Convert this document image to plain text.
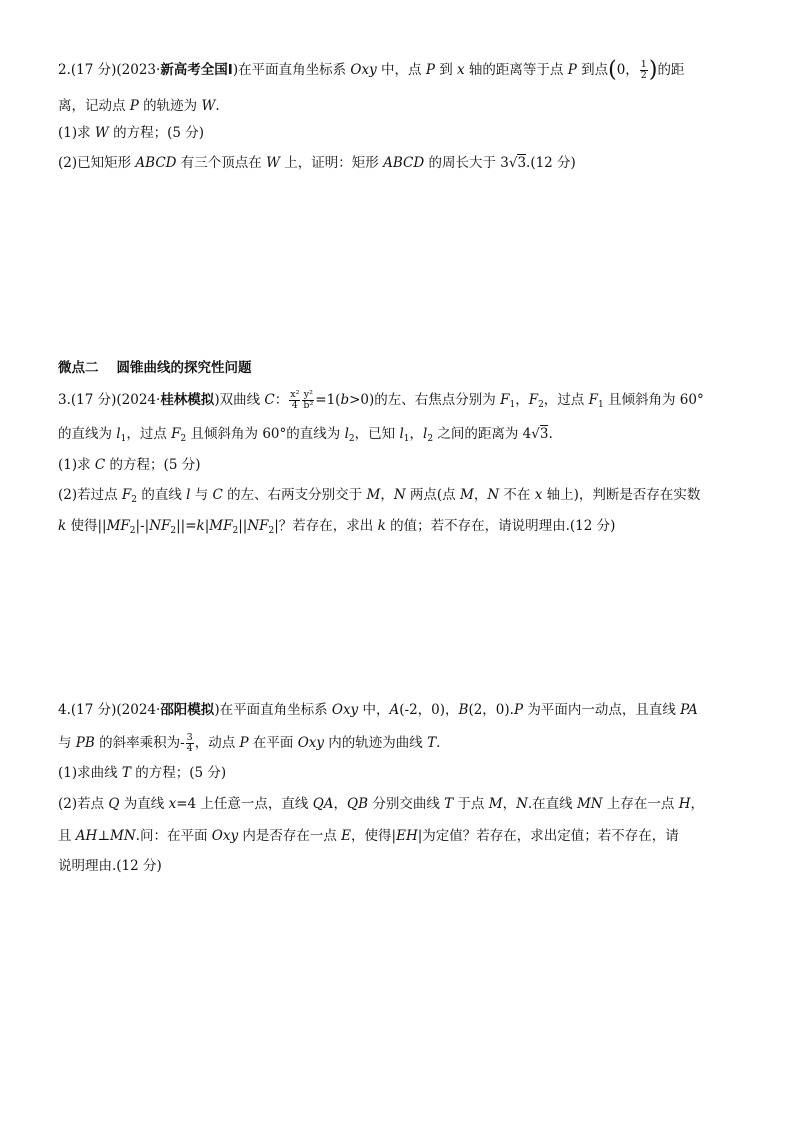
2.(17 分)(2023·新高考全国Ⅰ)在平面直角坐标系 Oxy 中，点 P 到 x 轴的距离等于点 P 到点(0， $\frac{1}{2}$ )的距
离，记动点 P 的轨迹为 W.
(1)求 W 的方程；(5 分)
(2)已知矩形 ABCD 有三个顶点在 W 上，证明：矩形 ABCD 的周长大于 3√3.(12 分)
微点二 圆锥曲线的探究性问题
3.(17 分)(2024·桂林模拟)双曲线 C： $\frac{\text{x²}}{4} \frac{\text{y²}}{\text{b²}} =1(b>0)$的左、右焦点分别为 $F_1$，$F_2$，过点 $F_1$ 且倾斜角为 60°
的直线为 $l_1$，过点 $F_2$ 且倾斜角为 60°的直线为 $l_2$，已知 $l_1$，$l_2$ 之间的距离为 4√3.
(1)求 C 的方程；(5 分)
(2)若过点 $F_2$ 的直线 l 与 C 的左、右两支分别交于 M，N 两点(点 M，N 不在 x 轴上)，判断是否存在实数
k 使得$||MF_2|-|NF_2||=k|MF_2||NF_2|$？若存在，求出 k 的值；若不存在，请说明理由.(12 分)
4.(17 分)(2024·邵阳模拟)在平面直角坐标系 Oxy 中，A(-2，0)，B(2，0).P 为平面内一动点，且直线 PA
与 PB 的斜率乘积为- $\frac{3}{4}$ ，动点 P 在平面 Oxy 内的轨迹为曲线 T.
(1)求曲线 T 的方程；(5 分)
(2)若点 Q 为直线 x=4 上任意一点，直线 QA，QB 分别交曲线 T 于点 M，N.在直线 MN 上存在一点 H，
且 AH⊥MN.问：在平面 Oxy 内是否存在一点 E，使得|EH|为定值？若存在，求出定值；若不存在，请
说明理由.(12 分)
